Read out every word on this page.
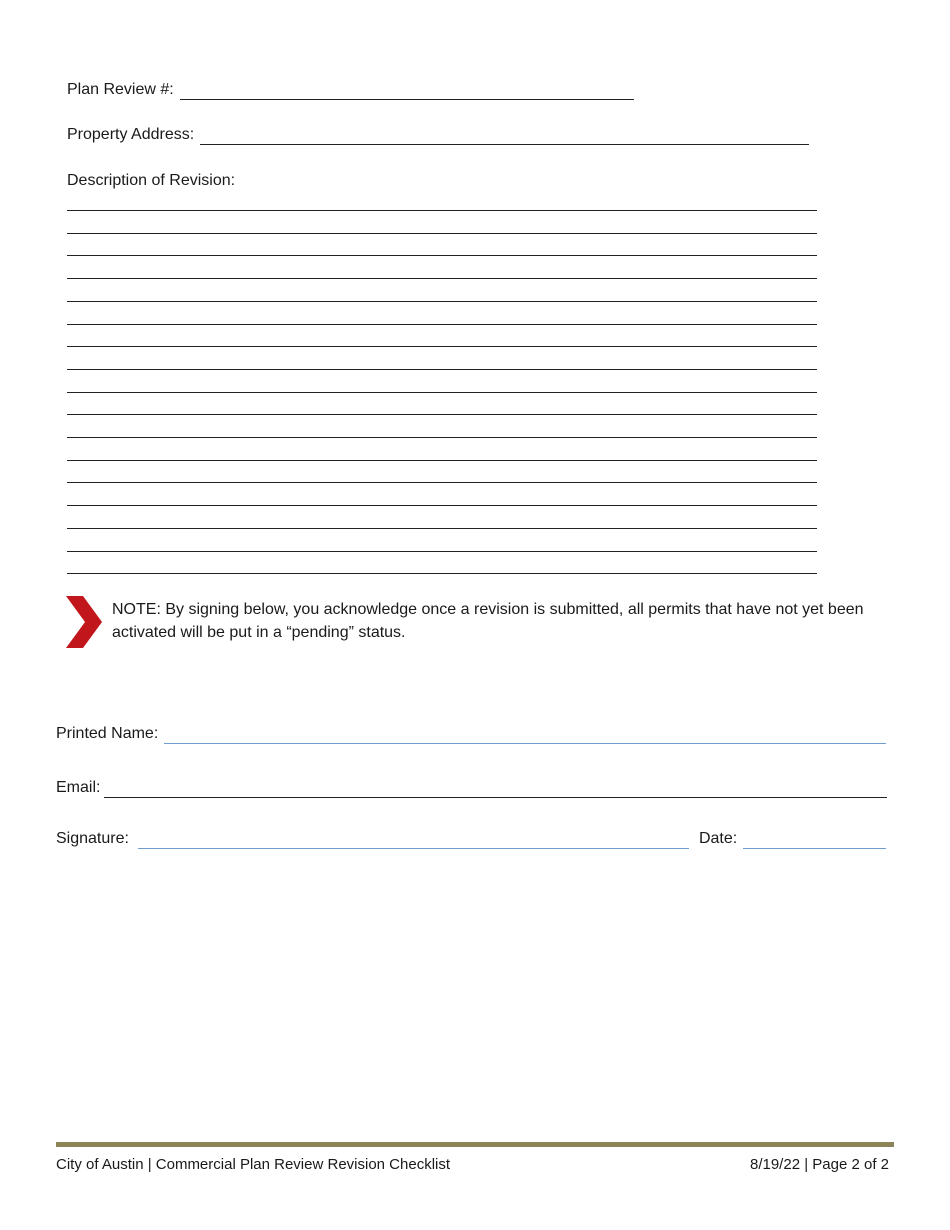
Plan Review #:
Property Address:
Description of Revision:
NOTE: By signing below, you acknowledge once a revision is submitted, all permits that have not yet been activated will be put in a “pending” status.
Printed Name:
Email:
Signature:	Date:
City of Austin | Commercial Plan Review Revision Checklist	8/19/22 | Page 2 of 2
